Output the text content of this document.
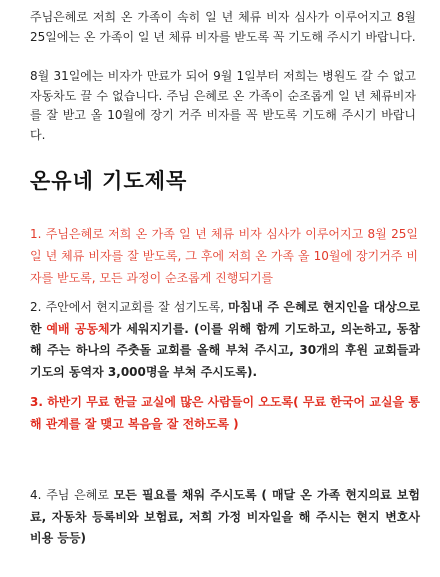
주님은혜로 저희 온 가족이 속히 일 년 체류 비자 심사가 이루어지고 8월 25일에는 온 가족이 일 년 체류 비자를 받도록 꼭 기도해 주시기 바랍니다.

8월 31일에는 비자가 만료가 되어 9월 1일부터 저희는 병원도 갈 수 없고 자동차도 끌 수 없습니다. 주님 은혜로 온 가족이 순조롭게 일 년 체류비자를 잘 받고 올 10월에 장기 거주 비자를 꼭 받도록 기도해 주시기 바랍니다.

온유네 기도제목

1. 주님은혜로 저희 온 가족 일 년 체류 비자 심사가 이루어지고 8월 25일 일 년 체류 비자를 잘 받도록, 그 후에 저희 온 가족 올 10월에 장기거주 비자를 받도록, 모든 과정이 순조롭게 진행되기를

2. 주안에서 현지교회를 잘 섬기도록, 마침내 주 은혜로 현지인을 대상으로 한 예배 공동체가 세워지기를. (이를 위해 함께 기도하고, 의논하고, 동참해 주는 하나의 주춧돌 교회를 올해 부쳐 주시고, 30개의 후원 교회들과 기도의 동역자 3,000명을 부쳐 주시도록).

3. 하반기 무료 한글 교실에 많은 사람들이 오도록( 무료 한국어 교실을 통해 관계를 잘 맺고 복음을 잘 전하도록 )

4. 주님 은혜로 모든 필요를 채워 주시도록 ( 매달 온 가족 현지의료 보험료, 자동차 등록비와 보험료, 저희 가정 비자일을 해 주시는 현지 변호사 비용 등등)
